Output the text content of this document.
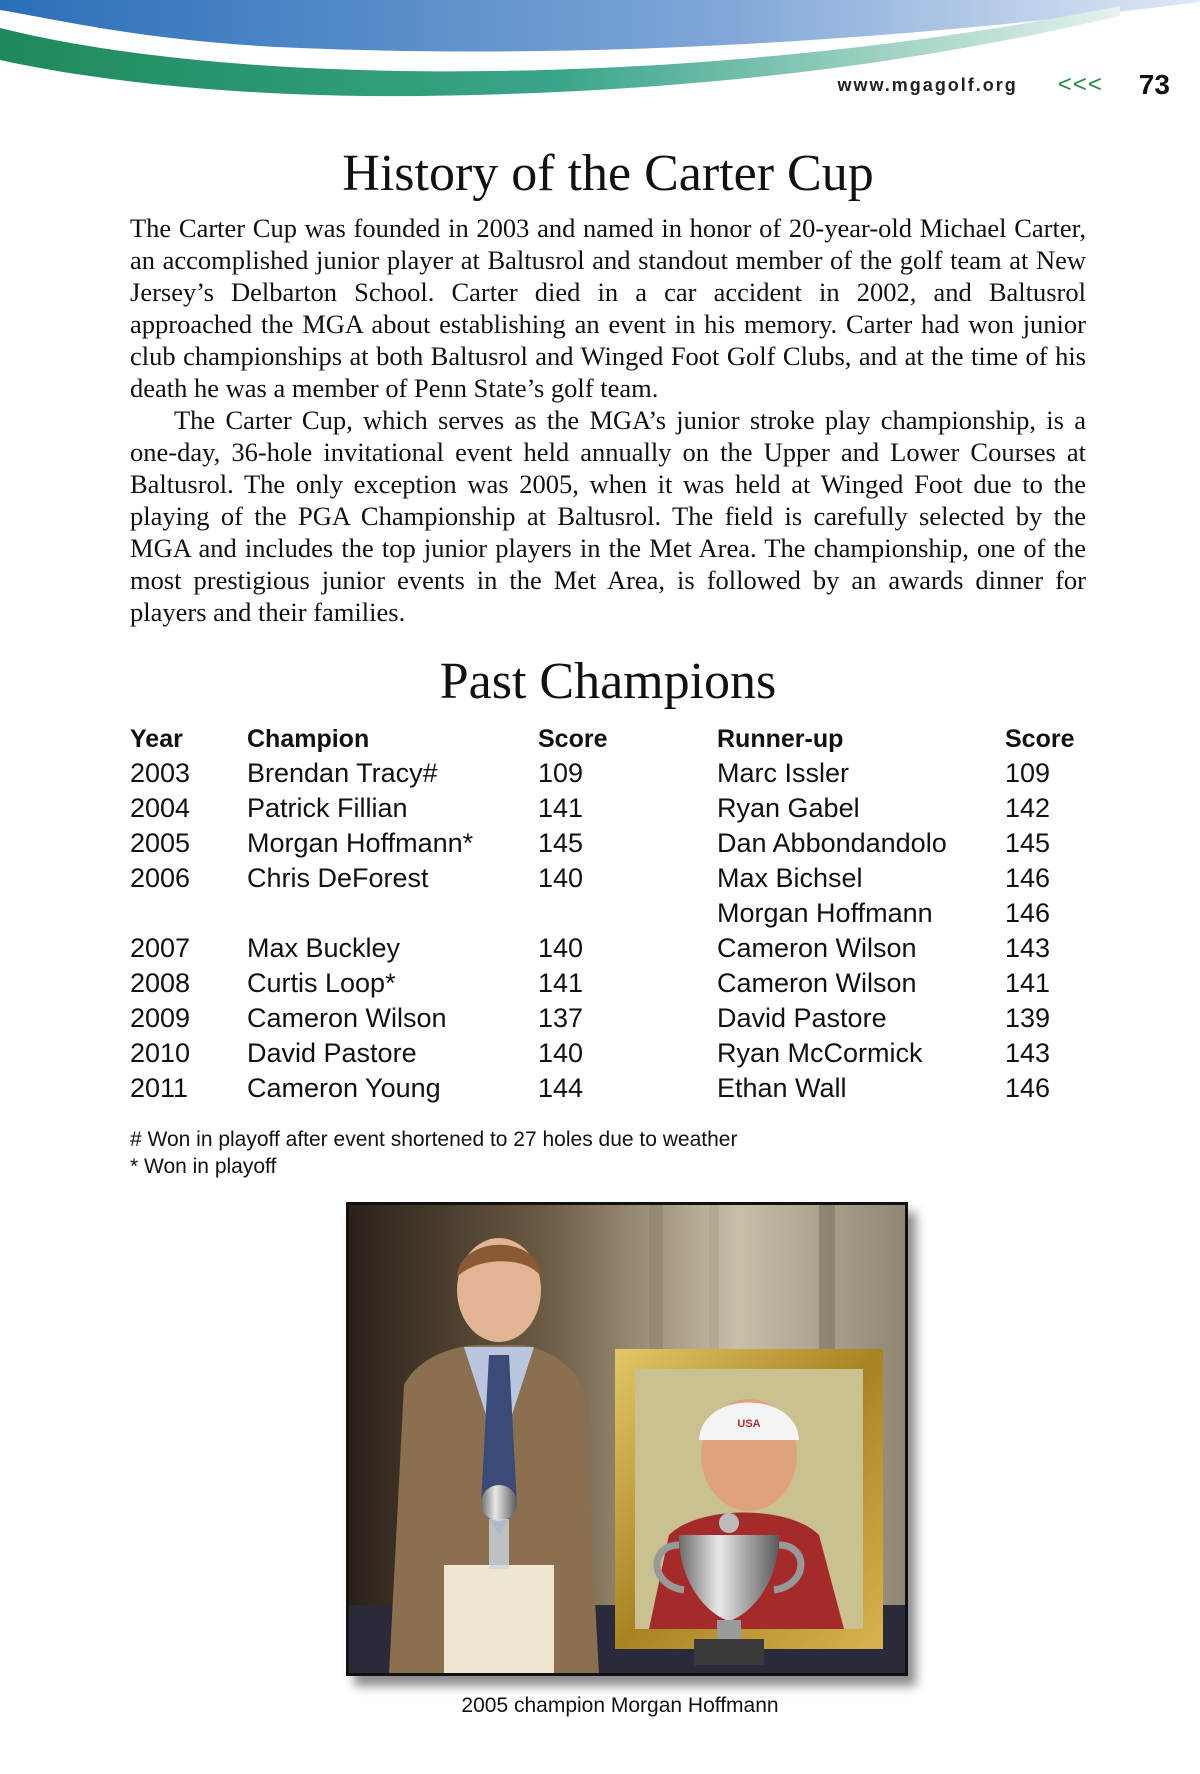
www.mgagolf.org <<< 73
History of the Carter Cup

The Carter Cup was founded in 2003 and named in honor of 20-year-old Michael Carter, an accomplished junior player at Baltusrol and standout member of the golf team at New Jersey’s Delbarton School. Carter died in a car accident in 2002, and Baltusrol approached the MGA about establishing an event in his memory. Carter had won junior club championships at both Baltusrol and Winged Foot Golf Clubs, and at the time of his death he was a member of Penn State’s golf team.

The Carter Cup, which serves as the MGA’s junior stroke play championship, is a one-day, 36-hole invitational event held annually on the Upper and Lower Courses at Baltusrol. The only exception was 2005, when it was held at Winged Foot due to the playing of the PGA Championship at Baltusrol. The field is carefully selected by the MGA and includes the top junior players in the Met Area. The championship, one of the most prestigious junior events in the Met Area, is followed by an awards dinner for players and their families.

Past Champions
Year	Champion	Score	Runner-up	Score
2003	Brendan Tracy#	109	Marc Issler	109
2004	Patrick Fillian	141	Ryan Gabel	142
2005	Morgan Hoffmann*	145	Dan Abbondandolo	145
2006	Chris DeForest	140	Max Bichsel	146
			Morgan Hoffmann	146
2007	Max Buckley	140	Cameron Wilson	143
2008	Curtis Loop*	141	Cameron Wilson	141
2009	Cameron Wilson	137	David Pastore	139
2010	David Pastore	140	Ryan McCormick	143
2011	Cameron Young	144	Ethan Wall	146

# Won in playoff after event shortened to 27 holes due to weather

* Won in playoff

USA
2005 champion Morgan Hoffmann
